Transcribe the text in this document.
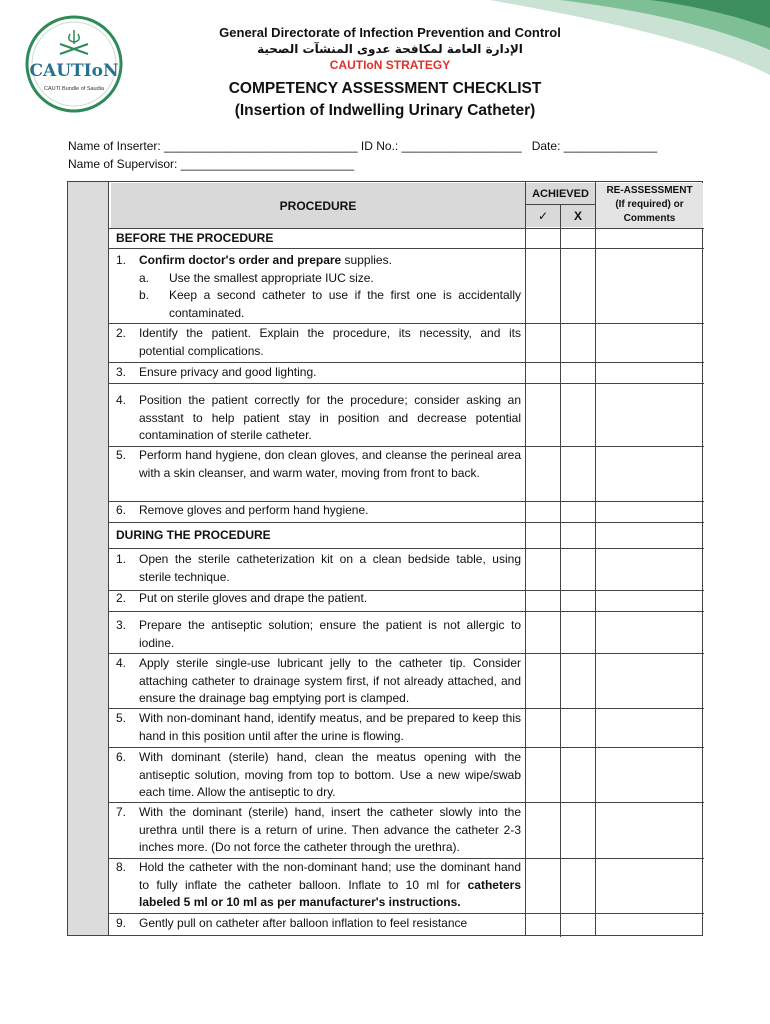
CAUTIoN
CAUTI Bundle of Saudia
General Directorate of Infection Prevention and Control
الإدارة العامة لمكافحة عدوى المنشآت الصحية
CAUTIoN STRATEGY
COMPETENCY ASSESSMENT CHECKLIST
(Insertion of Indwelling Urinary Catheter)
Name of Inserter: _____________________________ ID No.: __________________   Date: ______________
Name of Supervisor: __________________________
PROCEDURE
ACHIEVED
✓	X
RE-ASSESSMENT
(If required) or
Comments
BEFORE THE PROCEDURE
1.	Confirm doctor's order and prepare supplies.
a. Use the smallest appropriate IUC size.
b. Keep a second catheter to use if the first one is accidentally contaminated.
2.	Identify the patient. Explain the procedure, its necessity, and its potential complications.
3.	Ensure privacy and good lighting.
4.	Position the patient correctly for the procedure; consider asking an assstant to help patient stay in position and decrease potential contamination of sterile catheter.
5.	Perform hand hygiene, don clean gloves, and cleanse the perineal area with a skin cleanser, and warm water, moving from front to back.
6.	Remove gloves and perform hand hygiene.
DURING THE PROCEDURE
1.	Open the sterile catheterization kit on a clean bedside table, using sterile technique.
2.	Put on sterile gloves and drape the patient.
3.	Prepare the antiseptic solution; ensure the patient is not allergic to iodine.
4.	Apply sterile single-use lubricant jelly to the catheter tip. Consider attaching catheter to drainage system first, if not already attached, and ensure the drainage bag emptying port is clamped.
5.	With non-dominant hand, identify meatus, and be prepared to keep this hand in this position until after the urine is flowing.
6.	With dominant (sterile) hand, clean the meatus opening with the antiseptic solution, moving from top to bottom. Use a new wipe/swab each time. Allow the antiseptic to dry.
7.	With the dominant (sterile) hand, insert the catheter slowly into the urethra until there is a return of urine. Then advance the catheter 2-3 inches more. (Do not force the catheter through the urethra).
8.	Hold the catheter with the non-dominant hand; use the dominant hand to fully inflate the catheter balloon. Inflate to 10 ml for catheters labeled 5 ml or 10 ml as per manufacturer's instructions.
9.	Gently pull on catheter after balloon inflation to feel resistance
